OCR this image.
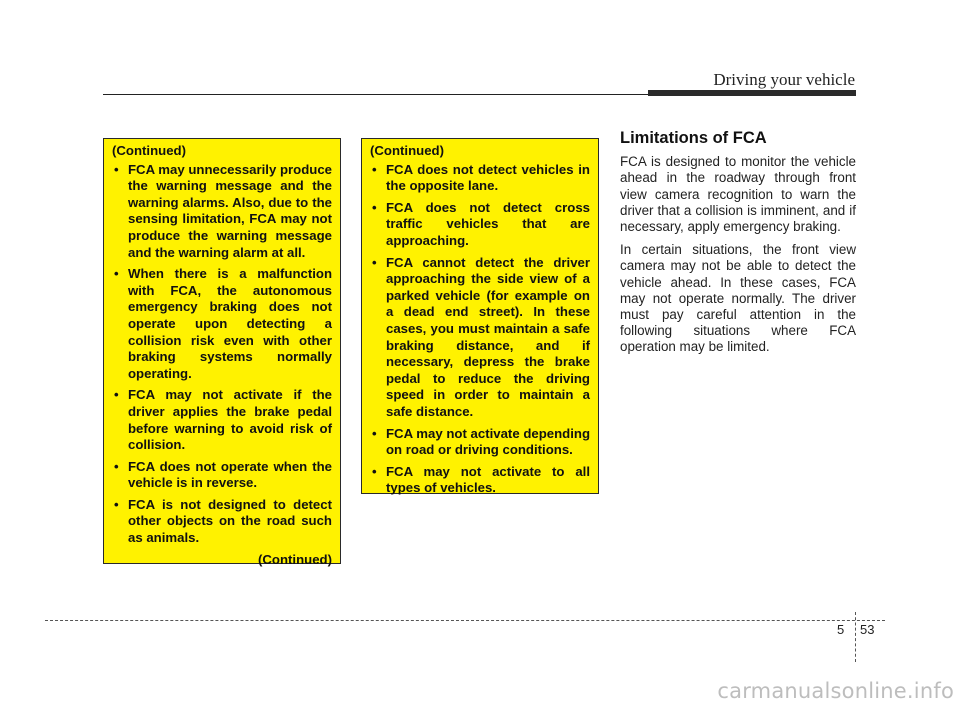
Driving your vehicle
(Continued)
• FCA may unnecessarily produce the warning message and the warning alarms. Also, due to the sensing limitation, FCA may not produce the warning message and the warning alarm at all.
• When there is a malfunction with FCA, the autonomous emergency braking does not operate upon detecting a collision risk even with other braking systems normally operating.
• FCA may not activate if the driver applies the brake pedal before warning to avoid risk of collision.
• FCA does not operate when the vehicle is in reverse.
• FCA is not designed to detect other objects on the road such as animals.
(Continued)
(Continued)
• FCA does not detect vehicles in the opposite lane.
• FCA does not detect cross traffic vehicles that are approaching.
• FCA cannot detect the driver approaching the side view of a parked vehicle (for example on a dead end street). In these cases, you must maintain a safe braking distance, and if necessary, depress the brake pedal to reduce the driving speed in order to maintain a safe distance.
• FCA may not activate depending on road or driving conditions.
• FCA may not activate to all types of vehicles.
Limitations of FCA

FCA is designed to monitor the vehicle ahead in the roadway through front view camera recognition to warn the driver that a collision is imminent, and if necessary, apply emergency braking.

In certain situations, the front view camera may not be able to detect the vehicle ahead. In these cases, FCA may not operate normally. The driver must pay careful attention in the following situations where FCA operation may be limited.

5 53
carmanualsonline.info
